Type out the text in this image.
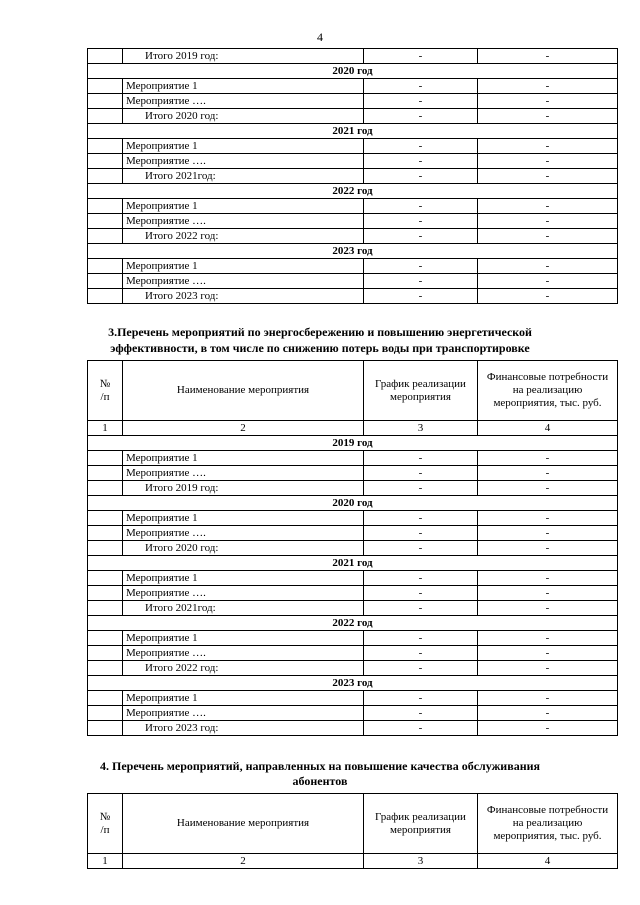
4
	Итого 2019 год:	-	-
2020 год			
	Мероприятие 1	-	-
	Мероприятие ….	-	-
	Итого 2020 год:	-	-
2021 год			
	Мероприятие 1	-	-
	Мероприятие ….	-	-
	Итого 2021год:	-	-
2022 год			
	Мероприятие 1	-	-
	Мероприятие ….	-	-
	Итого 2022 год:	-	-
2023 год			
	Мероприятие 1	-	-
	Мероприятие ….	-	-
	Итого 2023 год:	-	-
3.Перечень мероприятий по энергосбережению и повышению энергетической
эффективности, в том числе по снижению потерь воды при транспортировке
№
/п	Наименование мероприятия	График реализации мероприятия	Финансовые потребности на реализацию мероприятия, тыс. руб.
1	2	3	4
2019 год			
	Мероприятие 1	-	-
	Мероприятие ….	-	-
	Итого 2019 год:	-	-
2020 год			
	Мероприятие 1	-	-
	Мероприятие ….	-	-
	Итого 2020 год:	-	-
2021 год			
	Мероприятие 1	-	-
	Мероприятие ….	-	-
	Итого 2021год:	-	-
2022 год			
	Мероприятие 1	-	-
	Мероприятие ….	-	-
	Итого 2022 год:	-	-
2023 год			
	Мероприятие 1	-	-
	Мероприятие ….	-	-
	Итого 2023 год:	-	-
4. Перечень мероприятий, направленных на повышение качества обслуживания
абонентов
№
/п	Наименование мероприятия	График реализации мероприятия	Финансовые потребности на реализацию мероприятия, тыс. руб.
1	2	3	4
